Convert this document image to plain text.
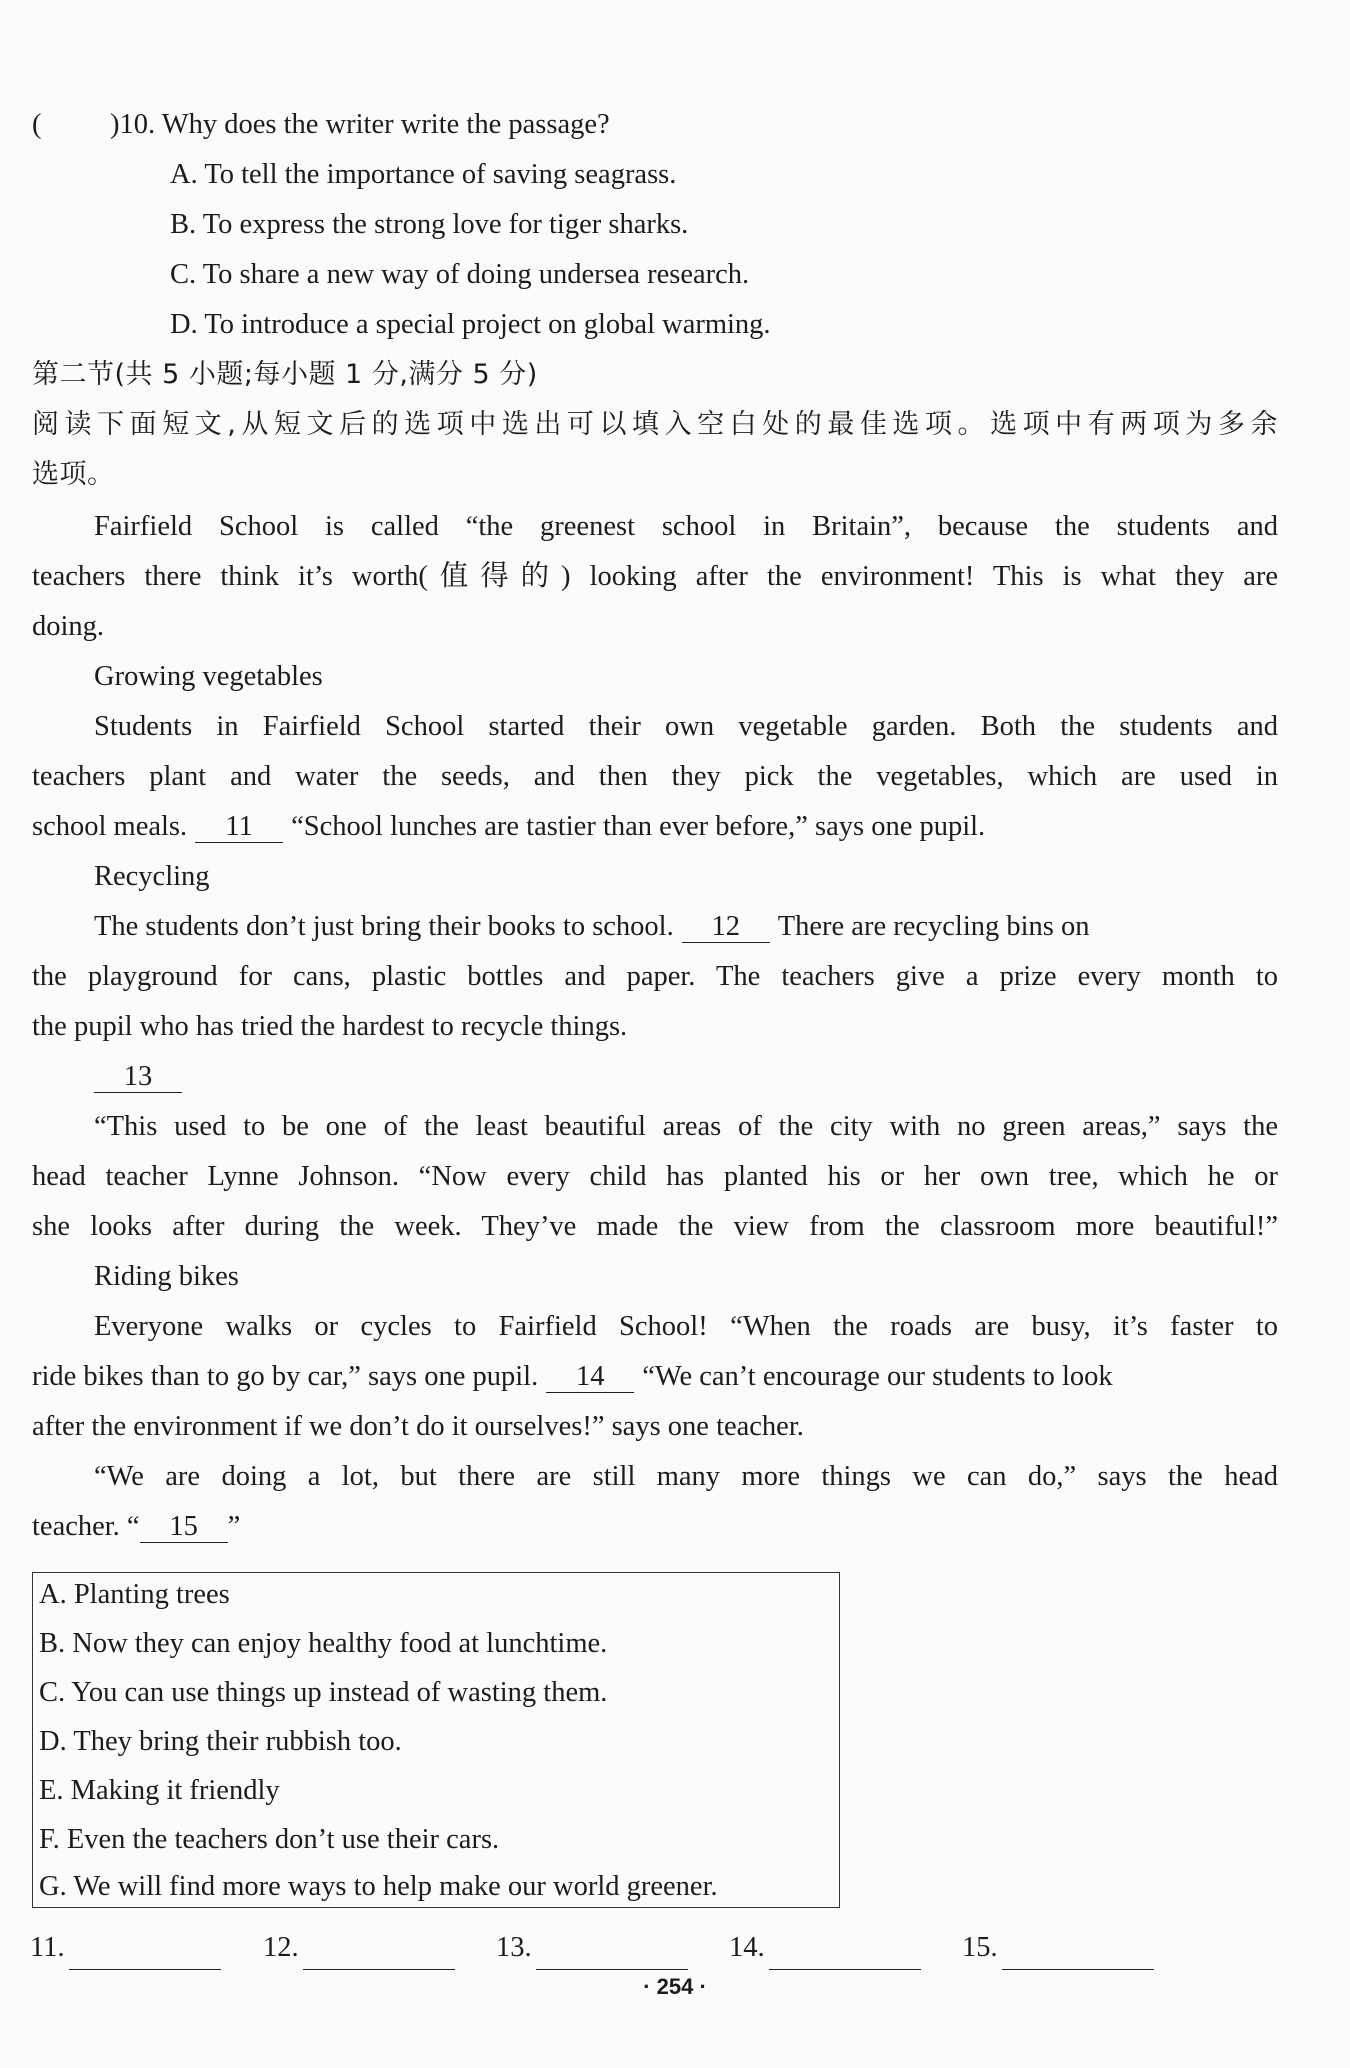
( )10. Why does the writer write the passage?
A. To tell the importance of saving seagrass.
B. To express the strong love for tiger sharks.
C. To share a new way of doing undersea research.
D. To introduce a special project on global warming.
第二节(共 5 小题;每小题 1 分,满分 5 分)
阅读下面短文,从短文后的选项中选出可以填入空白处的最佳选项。选项中有两项为多余
选项。
Fairfield School is called “the greenest school in Britain”, because the students and
teachers there think it’s worth(值得的) looking after the environment! This is what they are
doing.
Growing vegetables
Students in Fairfield School started their own vegetable garden. Both the students and
teachers plant and water the seeds, and then they pick the vegetables, which are used in
school meals. 11 “School lunches are tastier than ever before,” says one pupil.
Recycling
The students don’t just bring their books to school. 12 There are recycling bins on
the playground for cans, plastic bottles and paper. The teachers give a prize every month to
the pupil who has tried the hardest to recycle things.
13
“This used to be one of the least beautiful areas of the city with no green areas,” says the
head teacher Lynne Johnson. “Now every child has planted his or her own tree, which he or
she looks after during the week. They’ve made the view from the classroom more beautiful!”
Riding bikes
Everyone walks or cycles to Fairfield School! “When the roads are busy, it’s faster to
ride bikes than to go by car,” says one pupil. 14 “We can’t encourage our students to look
after the environment if we don’t do it ourselves!” says one teacher.
“We are doing a lot, but there are still many more things we can do,” says the head
teacher. “ 15 ”
A. Planting trees
B. Now they can enjoy healthy food at lunchtime.
C. You can use things up instead of wasting them.
D. They bring their rubbish too.
E. Making it friendly
F. Even the teachers don’t use their cars.
G. We will find more ways to help make our world greener.
11.	12.	13.	14.	15.
· 254 ·
